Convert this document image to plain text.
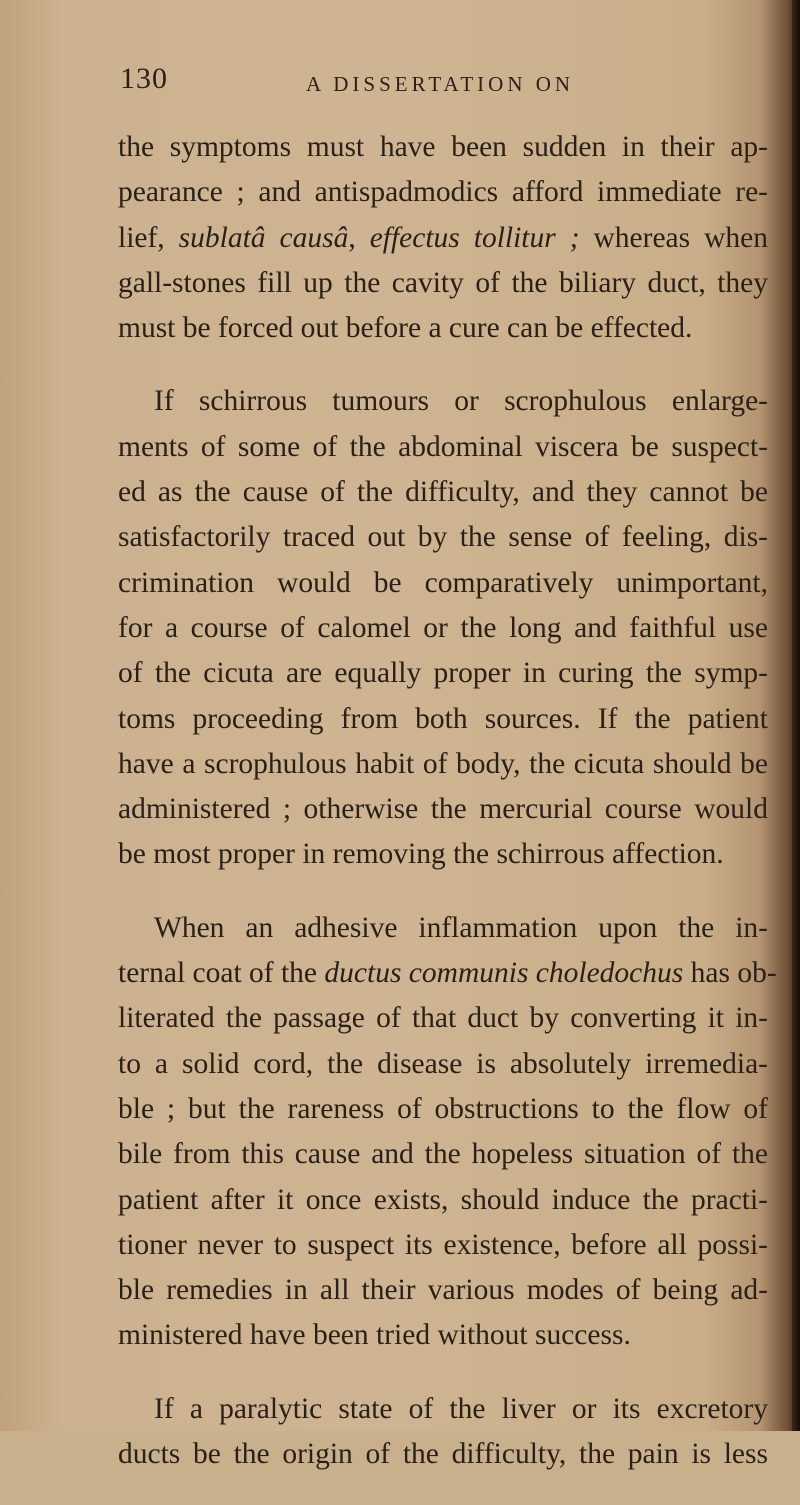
130	A DISSERTATION ON
the symptoms must have been sudden in their ap-
pearance ; and antispadmodics afford immediate re-
lief, sublatâ causâ, effectus tollitur ; whereas when
gall-stones fill up the cavity of the biliary duct, they
must be forced out before a cure can be effected.
If schirrous tumours or scrophulous enlarge-
ments of some of the abdominal viscera be suspect-
ed as the cause of the difficulty, and they cannot be
satisfactorily traced out by the sense of feeling, dis-
crimination would be comparatively unimportant,
for a course of calomel or the long and faithful use
of the cicuta are equally proper in curing the symp-
toms proceeding from both sources. If the patient
have a scrophulous habit of body, the cicuta should be
administered ; otherwise the mercurial course would
be most proper in removing the schirrous affection.
When an adhesive inflammation upon the in-
ternal coat of the ductus communis choledochus has ob-
literated the passage of that duct by converting it in-
to a solid cord, the disease is absolutely irremedia-
ble ; but the rareness of obstructions to the flow of
bile from this cause and the hopeless situation of the
patient after it once exists, should induce the practi-
tioner never to suspect its existence, before all possi-
ble remedies in all their various modes of being ad-
ministered have been tried without success.
If a paralytic state of the liver or its excretory
ducts be the origin of the difficulty, the pain is less
